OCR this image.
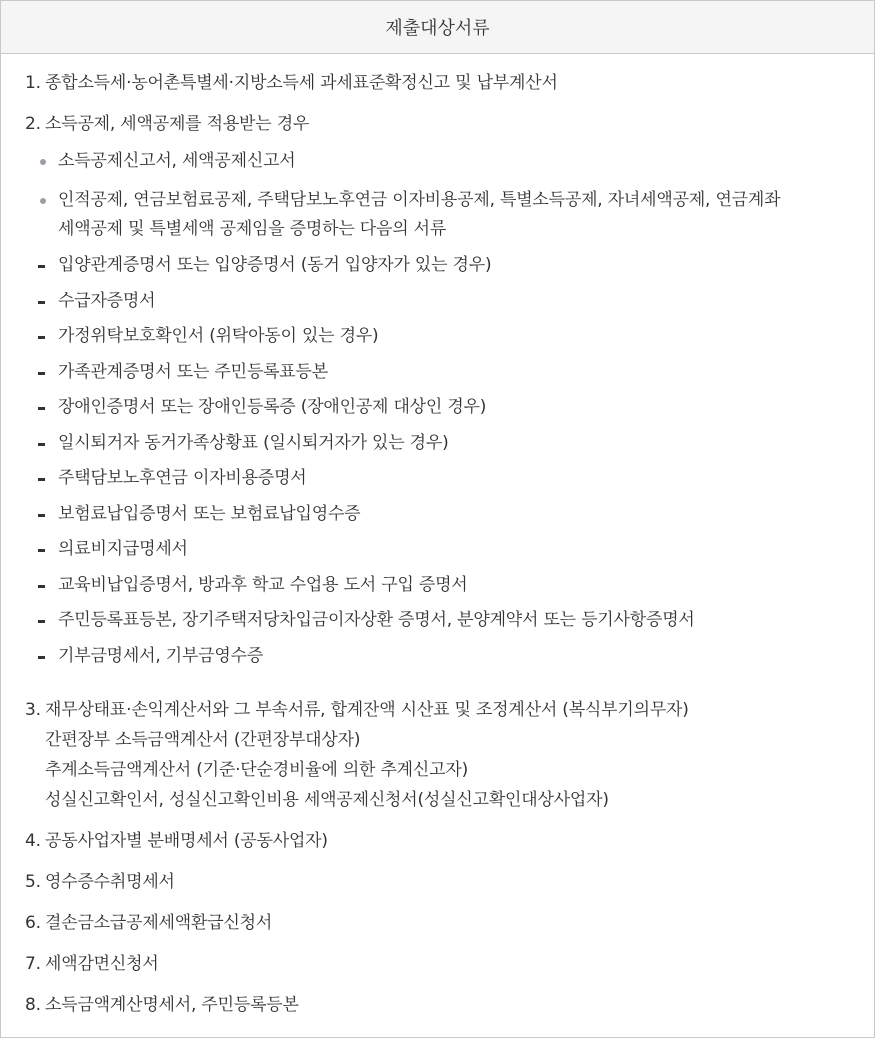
제출대상서류
1. 종합소득세·농어촌특별세·지방소득세 과세표준확정신고 및 납부계산서
2. 소득공제, 세액공제를 적용받는 경우
소득공제신고서, 세액공제신고서
인적공제, 연금보험료공제, 주택담보노후연금 이자비용공제, 특별소득공제, 자녀세액공제, 연금계좌
세액공제 및 특별세액 공제임을 증명하는 다음의 서류
입양관계증명서 또는 입양증명서 (동거 입양자가 있는 경우)
수급자증명서
가정위탁보호확인서 (위탁아동이 있는 경우)
가족관계증명서 또는 주민등록표등본
장애인증명서 또는 장애인등록증 (장애인공제 대상인 경우)
일시퇴거자 동거가족상황표 (일시퇴거자가 있는 경우)
주택담보노후연금 이자비용증명서
보험료납입증명서 또는 보험료납입영수증
의료비지급명세서
교육비납입증명서, 방과후 학교 수업용 도서 구입 증명서
주민등록표등본, 장기주택저당차입금이자상환 증명서, 분양계약서 또는 등기사항증명서
기부금명세서, 기부금영수증
3. 재무상태표·손익계산서와 그 부속서류, 합계잔액 시산표 및 조정계산서 (복식부기의무자)
간편장부 소득금액계산서 (간편장부대상자)
추계소득금액계산서 (기준·단순경비율에 의한 추계신고자)
성실신고확인서, 성실신고확인비용 세액공제신청서(성실신고확인대상사업자)
4. 공동사업자별 분배명세서 (공동사업자)
5. 영수증수취명세서
6. 결손금소급공제세액환급신청서
7. 세액감면신청서
8. 소득금액계산명세서, 주민등록등본
